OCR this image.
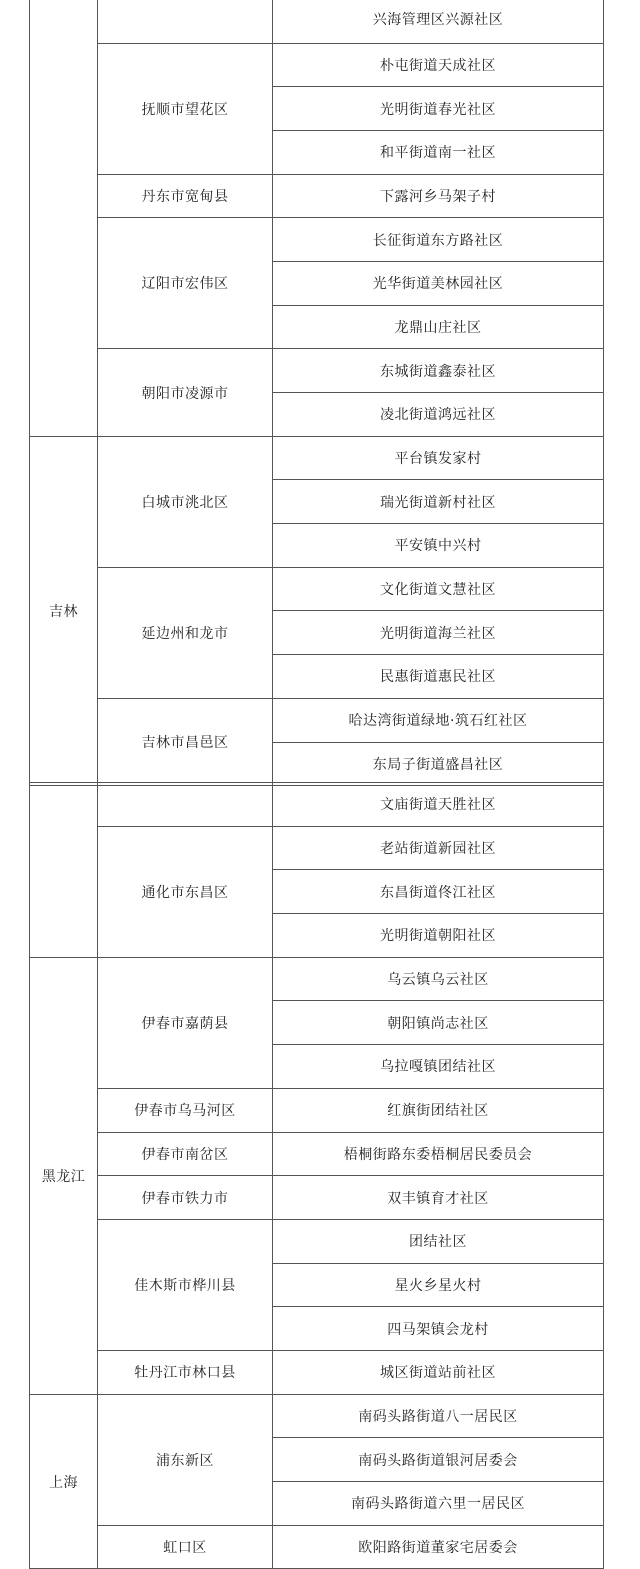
		兴海管理区兴源社区
	抚顺市望花区	朴屯街道天成社区
		光明街道春光社区
		和平街道南一社区
	丹东市宽甸县	下露河乡马架子村
	辽阳市宏伟区	长征街道东方路社区
		光华街道美林园社区
		龙鼎山庄社区
	朝阳市凌源市	东城街道鑫泰社区
		凌北街道鸿远社区
吉林	白城市洮北区	平台镇发家村
		瑞光街道新村社区
		平安镇中兴村
	延边州和龙市	文化街道文慧社区
		光明街道海兰社区
		民惠街道惠民社区
	吉林市昌邑区	哈达湾街道绿地·筑石红社区
		东局子街道盛昌社区
		文庙街道天胜社区
	通化市东昌区	老站街道新园社区
		东昌街道佟江社区
		光明街道朝阳社区
黑龙江	伊春市嘉荫县	乌云镇乌云社区
		朝阳镇尚志社区
		乌拉嘎镇团结社区
	伊春市乌马河区	红旗街团结社区
	伊春市南岔区	梧桐街路东委梧桐居民委员会
	伊春市铁力市	双丰镇育才社区
	佳木斯市桦川县	团结社区
		星火乡星火村
		四马架镇会龙村
	牡丹江市林口县	城区街道站前社区
上海	浦东新区	南码头路街道八一居民区
		南码头路街道银河居委会
		南码头路街道六里一居民区
	虹口区	欧阳路街道董家宅居委会
